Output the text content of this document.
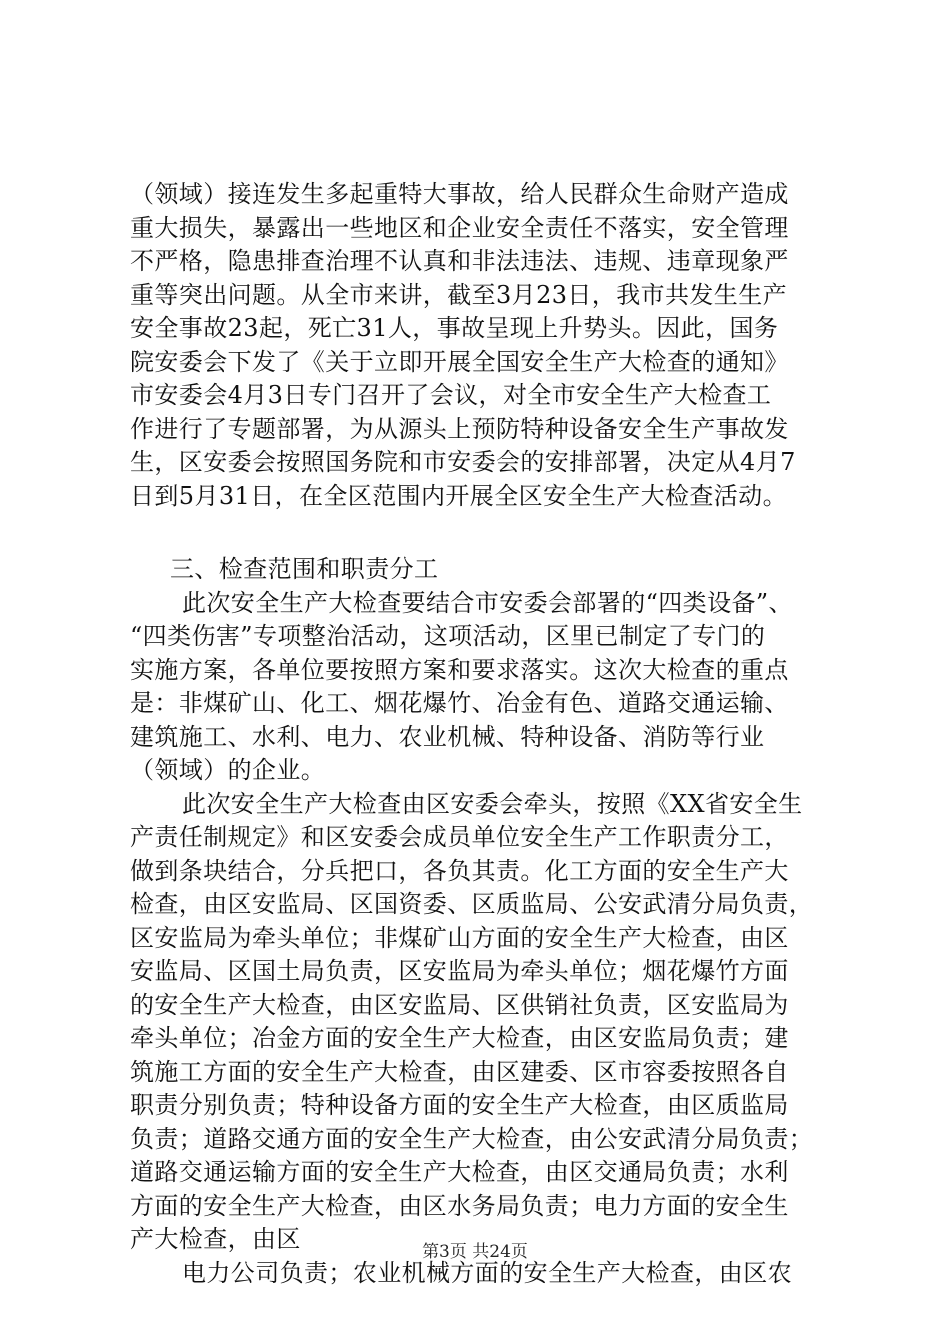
（领域）接连发生多起重特大事故，给人民群众生命财产造成
重大损失，暴露出一些地区和企业安全责任不落实，安全管理
不严格，隐患排查治理不认真和非法违法、违规、违章现象严
重等突出问题。从全市来讲，截至3月23日，我市共发生生产
安全事故23起，死亡31人，事故呈现上升势头。因此，国务
院安委会下发了《关于立即开展全国安全生产大检查的通知》
市安委会4月3日专门召开了会议，对全市安全生产大检查工
作进行了专题部署，为从源头上预防特种设备安全生产事故发
生，区安委会按照国务院和市安委会的安排部署，决定从4月7
日到5月31日，在全区范围内开展全区安全生产大检查活动。
三、检查范围和职责分工
此次安全生产大检查要结合市安委会部署的“四类设备”、
“四类伤害”专项整治活动，这项活动，区里已制定了专门的
实施方案，各单位要按照方案和要求落实。这次大检查的重点
是：非煤矿山、化工、烟花爆竹、冶金有色、道路交通运输、
建筑施工、水利、电力、农业机械、特种设备、消防等行业
（领域）的企业。
此次安全生产大检查由区安委会牵头，按照《XX省安全生
产责任制规定》和区安委会成员单位安全生产工作职责分工，
做到条块结合，分兵把口，各负其责。化工方面的安全生产大
检查，由区安监局、区国资委、区质监局、公安武清分局负责，
区安监局为牵头单位；非煤矿山方面的安全生产大检查，由区
安监局、区国土局负责，区安监局为牵头单位；烟花爆竹方面
的安全生产大检查，由区安监局、区供销社负责，区安监局为
牵头单位；冶金方面的安全生产大检查，由区安监局负责；建
筑施工方面的安全生产大检查，由区建委、区市容委按照各自
职责分别负责；特种设备方面的安全生产大检查，由区质监局
负责；道路交通方面的安全生产大检查，由公安武清分局负责；
道路交通运输方面的安全生产大检查，由区交通局负责；水利
方面的安全生产大检查，由区水务局负责；电力方面的安全生
产大检查，由区
电力公司负责；农业机械方面的安全生产大检查，由区农
第3页 共24页
